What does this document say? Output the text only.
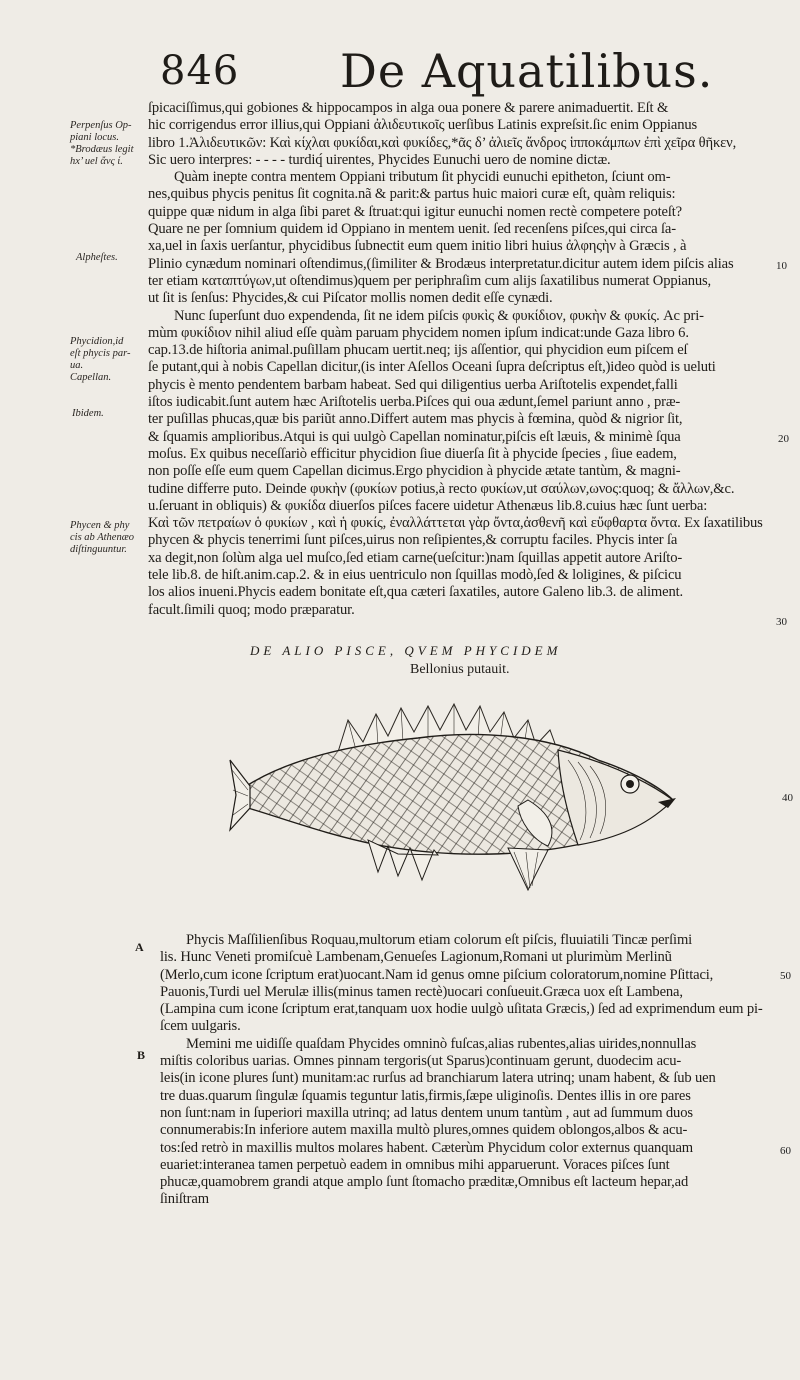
846 De Aquatilibus.
Perpenſus Op-
piani locus.
*Brodæus legit
hx’ uel ἄνς ί.
Alpheſtes.
Phycidion,id
eſt phycis par-
ua.
Capellan.
Ibidem.
Phycen & phy
cis ab Athenæo
diſtinguuntur.
ſpicaciſſimus,qui gobiones & hippocampos in alga oua ponere & parere animaduertit. Eſt &
hic corrigendus error illius,qui Oppiani ἀλιδευτικοῖς uerſibus Latinis expreſsit.ſic enim Oppianus
libro 1.Ἀλιδευτικῶν: Καὶ κίχλαι φυκίδαι,καὶ φυκίδες,*ᾶς δ’ ἀλιεῖς ἄνδρος ἱπποκάμπων ἐπὶ χεῖρα θῆκεν,
Sic uero interpres: - - - - turdiq́ uirentes, Phycides Eunuchi uero de nomine dictæ.
Quàm inepte contra mentem Oppiani tributum ſit phycidi eunuchi epitheton, ſciunt om-
nes,quibus phycis penitus ſit cognita.nã & parit:& partus huic maiori curæ eſt, quàm reliquis:
quippe quæ nidum in alga ſibi paret & ſtruat:qui igitur eunuchi nomen rectè competere poteſt?
Quare ne per ſomnium quidem id Oppiano in mentem uenit. ſed recenſens piſces,qui circa ſa-
xa,uel in ſaxis uerſantur, phycidibus ſubnectit eum quem initio libri huius ἀλφηςὴν à Græcis , à
Plinio cynædum nominari oſtendimus,(ſimiliter & Brodæus interpretatur.dicitur autem idem piſcis alias
ter etiam καταπτύγων,ut oſtendimus)quem per periphraſim cum alijs ſaxatilibus numerat Oppianus,
ut ſit is ſenſus: Phycides,& cui Piſcator mollis nomen dedit eſſe cynædi.
Nunc ſuperſunt duo expendenda, ſit ne idem piſcis φυκὶς & φυκίδιον, φυκὴν & φυκίς. Ac pri-
mùm φυκίδιον nihil aliud eſſe quàm paruam phycidem nomen ipſum indicat:unde Gaza libro 6.
cap.13.de hiſtoria animal.puſillam phucam uertit.neq; ijs aſſentior, qui phycidion eum piſcem eſ
ſe putant,qui à nobis Capellan dicitur,(is inter Aſellos Oceani ſupra deſcriptus eſt,)ideo quòd is ueluti
phycis è mento pendentem barbam habeat. Sed qui diligentius uerba Ariſtotelis expendet,falli
iſtos iudicabit.ſunt autem hæc Ariſtotelis uerba.Piſces qui oua ædunt,ſemel pariunt anno , præ-
ter puſillas phucas,quæ bis pariũt anno.Differt autem mas phycis à fœmina, quòd & nigrior ſit,
& ſquamis amplioribus.Atqui is qui uulgò Capellan nominatur,piſcis eſt læuis, & minimè ſqua
moſus. Ex quibus neceſſariò efficitur phycidion ſiue diuerſa ſit à phycide ſpecies , ſiue eadem,
non poſſe eſſe eum quem Capellan dicimus.Ergo phycidion à phycide ætate tantùm, & magni-
tudine differre puto. Deinde φυκὴν (φυκίων potius,à recto φυκίων,ut σαύλων,ωνος:quoq; & ἄλλων,&c.
u.ſeruant in obliquis) & φυκίδα diuerſos piſces facere uidetur Athenæus lib.8.cuius hæc ſunt uerba:
Καὶ τῶν πετραίων ὁ φυκίων , καὶ ἡ φυκίς, ἐναλλάττεται γὰρ ὄντα,ἀσθενῆ καὶ εὔφθαρτα ὄντα. Ex ſaxatilibus
phycen & phycis tenerrimi ſunt piſces,uirus non reſipientes,& corruptu faciles. Phycis inter ſa
xa degit,non ſolùm alga uel muſco,ſed etiam carne(ueſcitur:)nam ſquillas appetit autore Ariſto-
tele lib.8. de hiſt.anim.cap.2. & in eius uentriculo non ſquillas modò,ſed & loligines, & piſcicu
los alios inueni.Phycis eadem bonitate eſt,qua cæteri ſaxatiles, autore Galeno lib.3. de aliment.
facult.ſimili quoq; modo præparatur.
10
20
30
40
50
60
DE ALIO PISCE, QVEM PHYCIDEM
Bellonius putauit.
A
B
Phycis Maſſilienſibus Roquau,multorum etiam colorum eſt piſcis, fluuiatili Tincæ perſimi
lis. Hunc Veneti promiſcuè Lambenam,Genueſes Lagionum,Romani ut plurimùm Merlinũ
(Merlo,cum icone ſcriptum erat)uocant.Nam id genus omne piſcium coloratorum,nomine Pſittaci,
Pauonis,Turdi uel Merulæ illis(minus tamen rectè)uocari conſueuit.Græca uox eſt Lambena,
(Lampina cum icone ſcriptum erat,tanquam uox hodie uulgò uſitata Græcis,) ſed ad exprimendum eum pi-
ſcem uulgaris.
Memini me uidiſſe quaſdam Phycides omninò fuſcas,alias rubentes,alias uirides,nonnullas
miſtis coloribus uarias. Omnes pinnam tergoris(ut Sparus)continuam gerunt, duodecim acu-
leis(in icone plures ſunt) munitam:ac rurſus ad branchiarum latera utrinq; unam habent, & ſub uen
tre duas.quarum ſingulæ ſquamis teguntur latis,firmis,ſæpe uliginoſis. Dentes illis in ore pares
non ſunt:nam in ſuperiori maxilla utrinq; ad latus dentem unum tantùm , aut ad ſummum duos
connumerabis:In inferiore autem maxilla multò plures,omnes quidem oblongos,albos & acu-
tos:ſed retrò in maxillis multos molares habent. Cæterùm Phycidum color externus quanquam
euariet:interanea tamen perpetuò eadem in omnibus mihi apparuerunt. Voraces piſces ſunt
phucæ,quamobrem grandi atque amplo ſunt ſtomacho præditæ,Omnibus eſt lacteum hepar,ad
ſiniſtram
